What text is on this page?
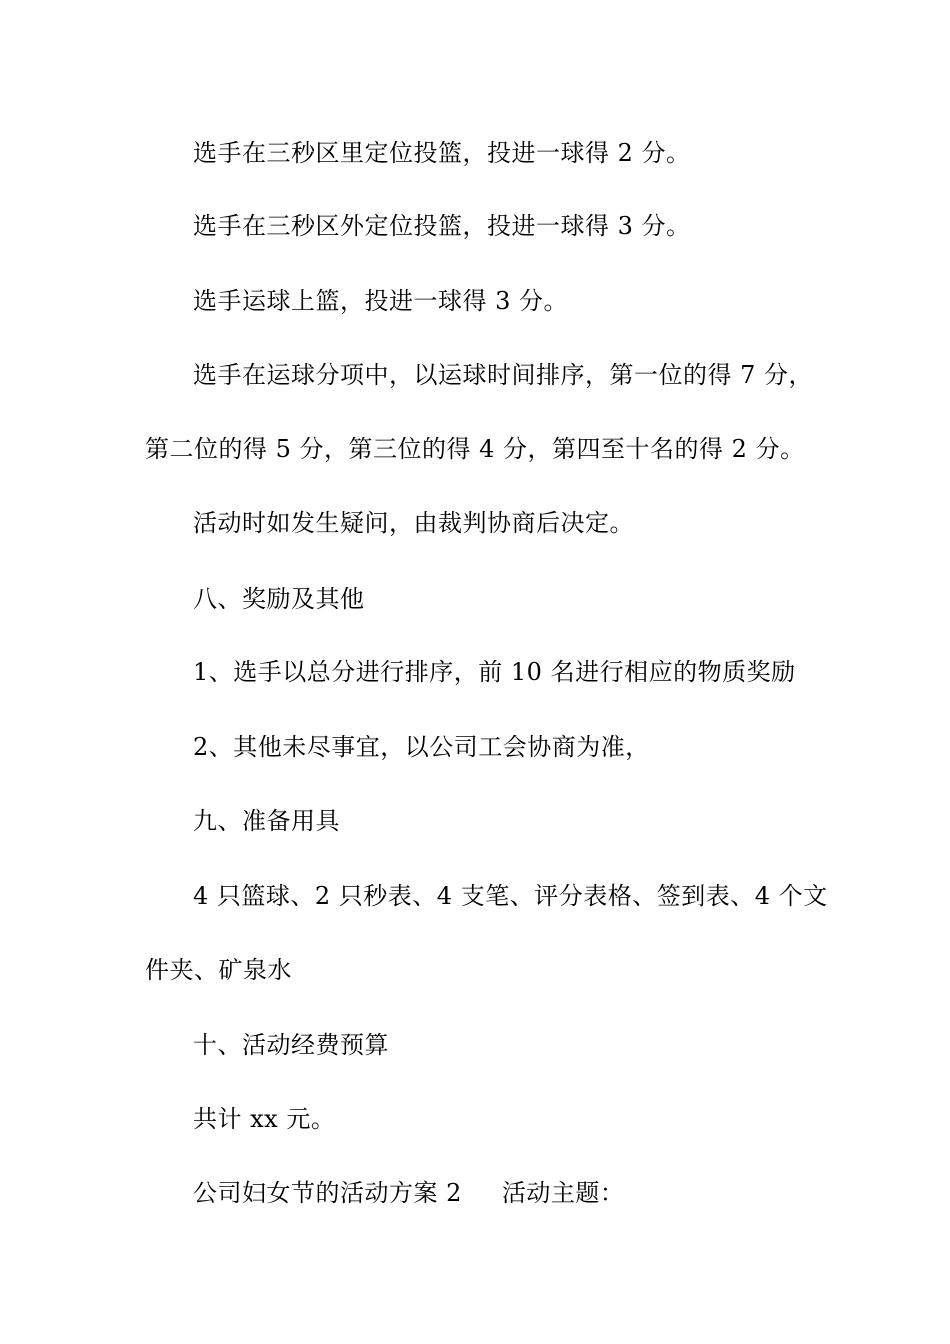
选手在三秒区里定位投篮，投进一球得 2 分。
选手在三秒区外定位投篮，投进一球得 3 分。
选手运球上篮，投进一球得 3 分。
选手在运球分项中，以运球时间排序，第一位的得 7 分，
第二位的得 5 分，第三位的得 4 分，第四至十名的得 2 分。
活动时如发生疑问，由裁判协商后决定。
八、奖励及其他
1、选手以总分进行排序，前 10 名进行相应的物质奖励
2、其他未尽事宜，以公司工会协商为准，
九、准备用具
4 只篮球、2 只秒表、4 支笔、评分表格、签到表、4 个文
件夹、矿泉水
十、活动经费预算
共计 xx 元。
公司妇女节的活动方案 2 活动主题：
